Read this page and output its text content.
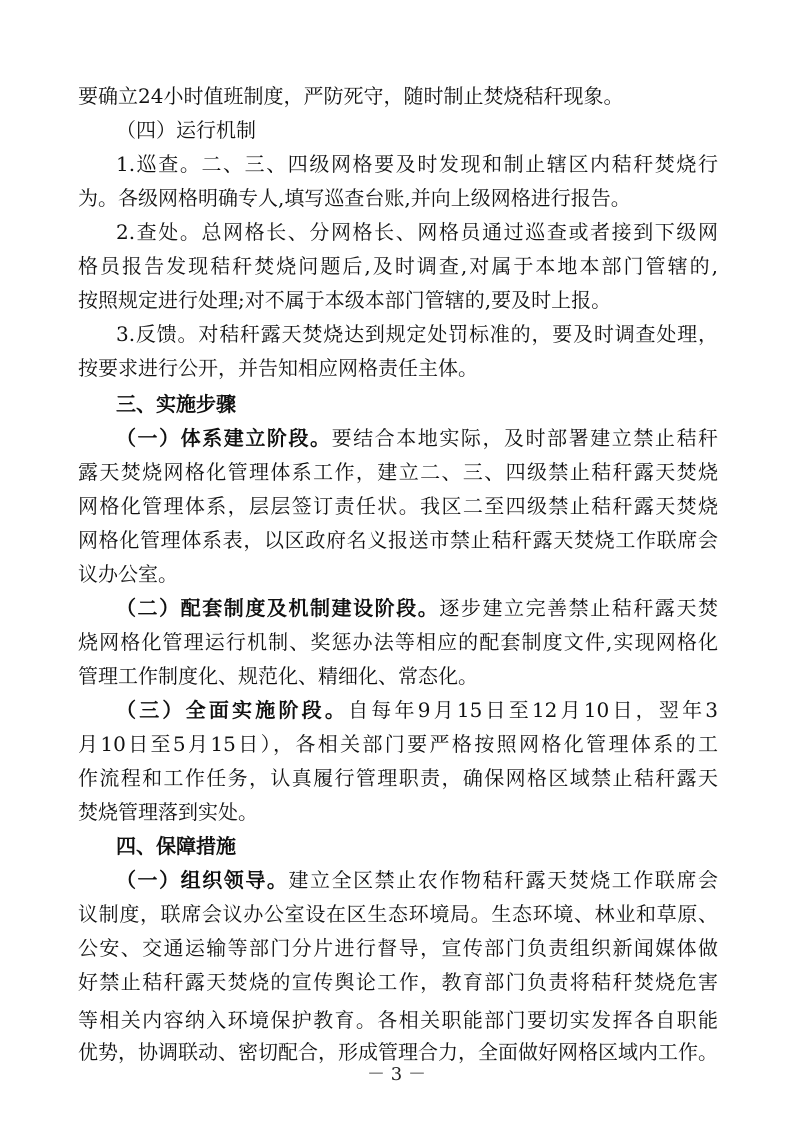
要确立24小时值班制度，严防死守，随时制止焚烧秸秆现象。
（四）运行机制
1.巡查。二、三、四级网格要及时发现和制止辖区内秸秆焚烧行
为。各级网格明确专人,填写巡查台账,并向上级网格进行报告。
2.查处。总网格长、分网格长、网格员通过巡查或者接到下级网
格员报告发现秸秆焚烧问题后,及时调查,对属于本地本部门管辖的,
按照规定进行处理;对不属于本级本部门管辖的,要及时上报。
3.反馈。对秸秆露天焚烧达到规定处罚标准的，要及时调查处理，
按要求进行公开，并告知相应网格责任主体。
三、实施步骤
（一）体系建立阶段。要结合本地实际，及时部署建立禁止秸秆
露天焚烧网格化管理体系工作，建立二、三、四级禁止秸秆露天焚烧
网格化管理体系，层层签订责任状。我区二至四级禁止秸秆露天焚烧
网格化管理体系表，以区政府名义报送市禁止秸秆露天焚烧工作联席会
议办公室。
（二）配套制度及机制建设阶段。逐步建立完善禁止秸秆露天焚
烧网格化管理运行机制、奖惩办法等相应的配套制度文件,实现网格化
管理工作制度化、规范化、精细化、常态化。
（三）全面实施阶段。自每年9月15日至12月10日，翌年3
月10日至5月15日），各相关部门要严格按照网格化管理体系的工
作流程和工作任务，认真履行管理职责，确保网格区域禁止秸秆露天
焚烧管理落到实处。
四、保障措施
（一）组织领导。建立全区禁止农作物秸秆露天焚烧工作联席会
议制度，联席会议办公室设在区生态环境局。生态环境、林业和草原、
公安、交通运输等部门分片进行督导，宣传部门负责组织新闻媒体做
好禁止秸秆露天焚烧的宣传舆论工作，教育部门负责将秸秆焚烧危害
等相关内容纳入环境保护教育。各相关职能部门要切实发挥各自职能
优势，协调联动、密切配合，形成管理合力，全面做好网格区域内工作。
－ 3 －
